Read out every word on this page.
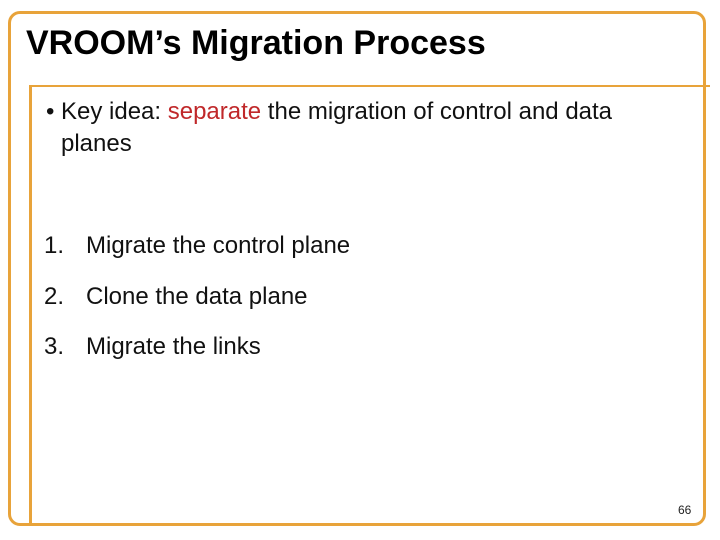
VROOM’s Migration Process
• Key idea: separate the migration of control and data planes
1. Migrate the control plane
2. Clone the data plane
3. Migrate the links
66
